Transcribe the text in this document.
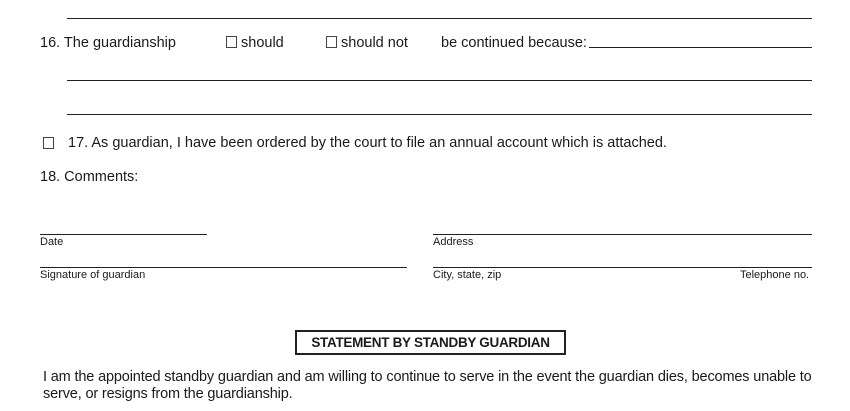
16. The guardianship	should	should not be continued because:
17. As guardian, I have been ordered by the court to file an annual account which is attached.
18. Comments:
Date	Address
Signature of guardian	City, state, zip	Telephone no.
STATEMENT BY STANDBY GUARDIAN
I am the appointed standby guardian and am willing to continue to serve in the event the guardian dies, becomes unable to serve, or resigns from the guardianship.
